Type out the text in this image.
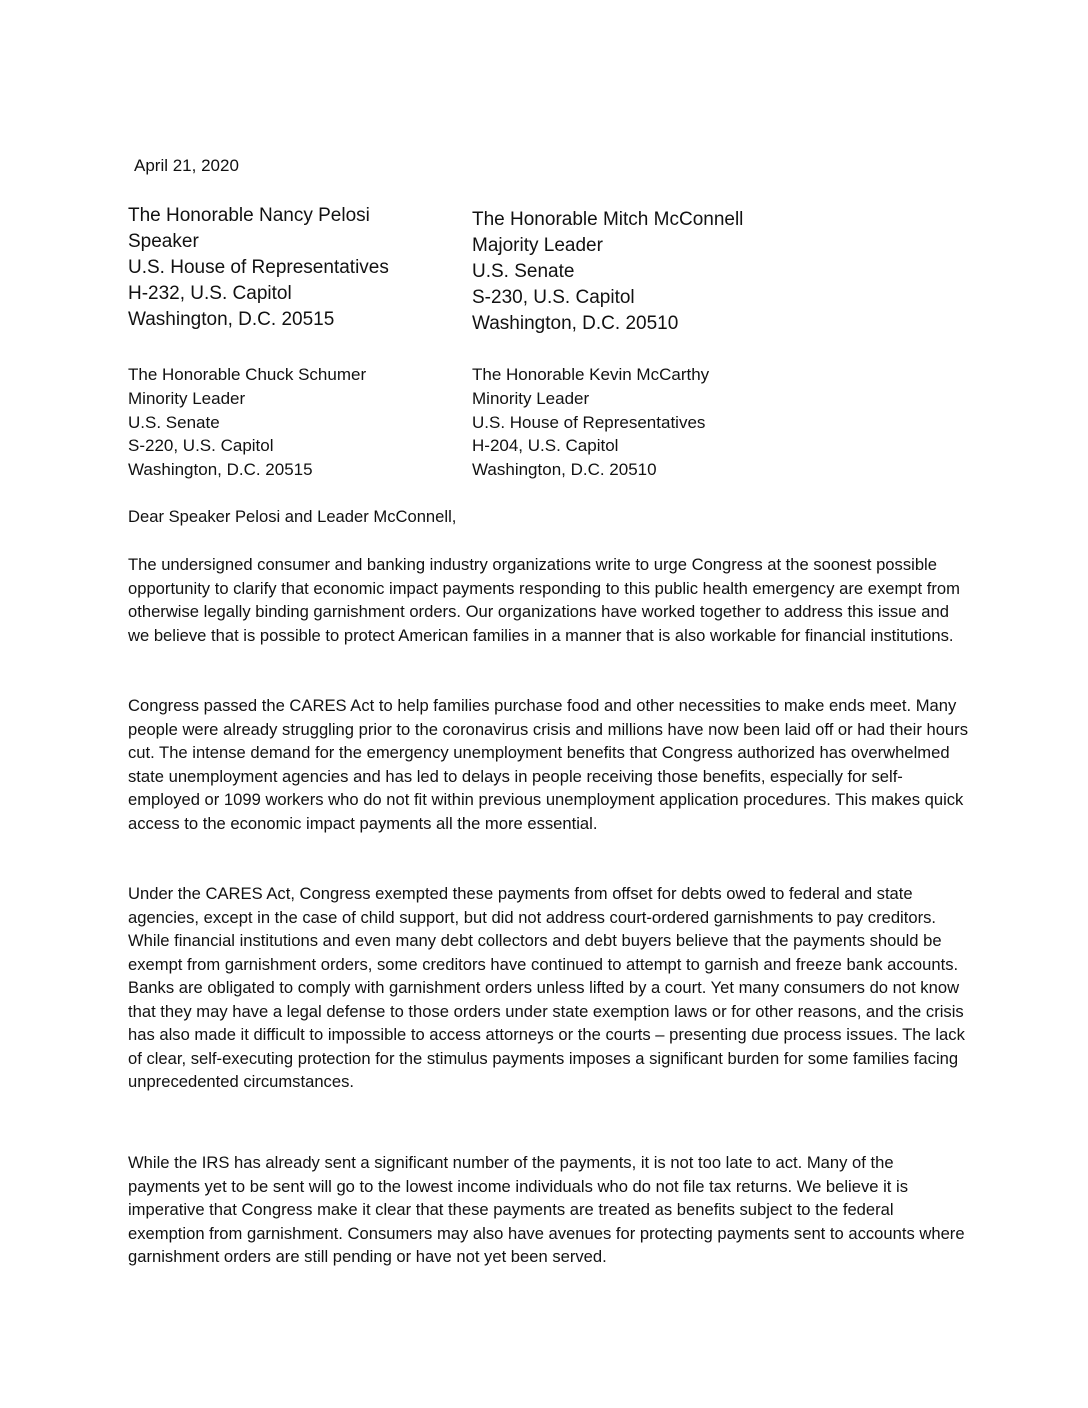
April 21, 2020
The Honorable Nancy Pelosi
Speaker
U.S. House of Representatives
H-232, U.S. Capitol
Washington, D.C. 20515
The Honorable Mitch McConnell
Majority Leader
U.S. Senate
S-230, U.S. Capitol
Washington, D.C. 20510
The Honorable Chuck Schumer
Minority Leader
U.S. Senate
S-220, U.S. Capitol
Washington, D.C. 20515
The Honorable Kevin McCarthy
Minority Leader
U.S. House of Representatives
H-204, U.S. Capitol
Washington, D.C. 20510

Dear Speaker Pelosi and Leader McConnell,

The undersigned consumer and banking industry organizations write to urge Congress at the soonest possible opportunity to clarify that economic impact payments responding to this public health emergency are exempt from otherwise legally binding garnishment orders. Our organizations have worked together to address this issue and we believe that is possible to protect American families in a manner that is also workable for financial institutions.

Congress passed the CARES Act to help families purchase food and other necessities to make ends meet. Many people were already struggling prior to the coronavirus crisis and millions have now been laid off or had their hours cut. The intense demand for the emergency unemployment benefits that Congress authorized has overwhelmed state unemployment agencies and has led to delays in people receiving those benefits, especially for self-employed or 1099 workers who do not fit within previous unemployment application procedures. This makes quick access to the economic impact payments all the more essential.

Under the CARES Act, Congress exempted these payments from offset for debts owed to federal and state agencies, except in the case of child support, but did not address court-ordered garnishments to pay creditors. While financial institutions and even many debt collectors and debt buyers believe that the payments should be exempt from garnishment orders, some creditors have continued to attempt to garnish and freeze bank accounts. Banks are obligated to comply with garnishment orders unless lifted by a court. Yet many consumers do not know that they may have a legal defense to those orders under state exemption laws or for other reasons, and the crisis has also made it difficult to impossible to access attorneys or the courts – presenting due process issues. The lack of clear, self-executing protection for the stimulus payments imposes a significant burden for some families facing unprecedented circumstances.

While the IRS has already sent a significant number of the payments, it is not too late to act. Many of the payments yet to be sent will go to the lowest income individuals who do not file tax returns. We believe it is imperative that Congress make it clear that these payments are treated as benefits subject to the federal exemption from garnishment. Consumers may also have avenues for protecting payments sent to accounts where garnishment orders are still pending or have not yet been served.
